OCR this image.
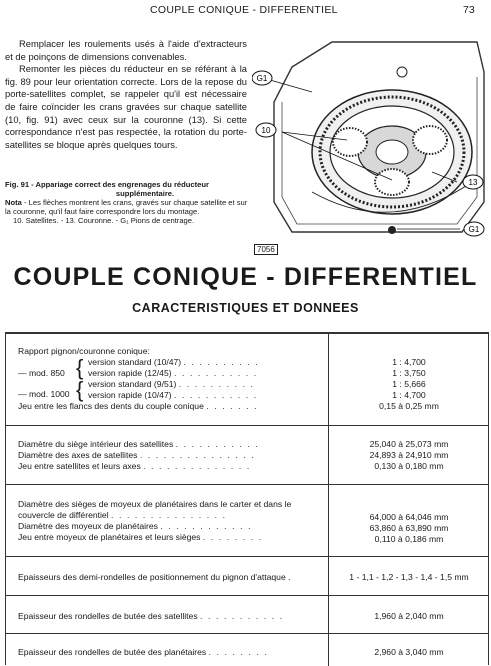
COUPLE CONIQUE - DIFFERENTIEL	73

Remplacer les roulements usés à l'aide d'extracteurs et de poinçons de dimensions convenables.

Remonter les pièces du réducteur en se référant à la fig. 89 pour leur orientation correcte. Lors de la repose du porte-satellites complet, se rappeler qu'il est nécessaire de faire coïncider les crans gravées sur chaque satellite (10, fig. 91) avec ceux sur la couronne (13). Si cette correspondance n'est pas respectée, la rotation du porte-satellites se bloque après quelques tours.

G1
10
13
G1
7056
Fig. 91 - Appariage correct des engrenages du réducteur
supplémentaire.
Nota - Les flèches montrent les crans, gravés sur chaque satellite et sur la couronne, qu'il faut faire correspondre lors du montage.
10. Satellites. - 13. Couronne. - G₁ Pions de centrage.
COUPLE CONIQUE - DIFFERENTIEL
CARACTERISTIQUES ET DONNEES
Rapport pignon/couronne conique:
— mod. 850
— mod. 1000
{
{
version standard (10/47) . . . . . . . . . .	1 : 4,700
version rapide (12/45) . . . . . . . . . . .	1 : 3,750
version standard (9/51) . . . . . . . . . .	1 : 5,666
version rapide (10/47) . . . . . . . . . . .	1 : 4,700
Jeu entre les flancs des dents du couple conique . . . . . . .	0,15 à 0,25 mm
Diamètre du siège intérieur des satellites . . . . . . . . . . .	25,040 à 25,073 mm
Diamètre des axes de satellites . . . . . . . . . . . . . . .	24,893 à 24,910 mm
Jeu entre satellites et leurs axes . . . . . . . . . . . . . .	0,130 à 0,180 mm
Diamètre des sièges de moyeux de planétaires dans le carter et dans le
couvercle de différentiel . . . . . . . . . . . . . . .	64,000 à 64,046 mm
Diamètre des moyeux de planétaires . . . . . . . . . . . .	63,860 à 63,890 mm
Jeu entre moyeux de planétaires et leurs sièges . . . . . . . .	0,110 à 0,186 mm
Epaisseurs des demi-rondelles de positionnement du pignon d'attaque .	1 - 1,1 - 1,2 - 1,3 - 1,4 - 1,5 mm
Epaisseur des rondelles de butée des satellites . . . . . . . . . . .	1,960 à 2,040 mm
Epaisseur des rondelles de butée des planétaires . . . . . . . .	2,960 à 3,040 mm
